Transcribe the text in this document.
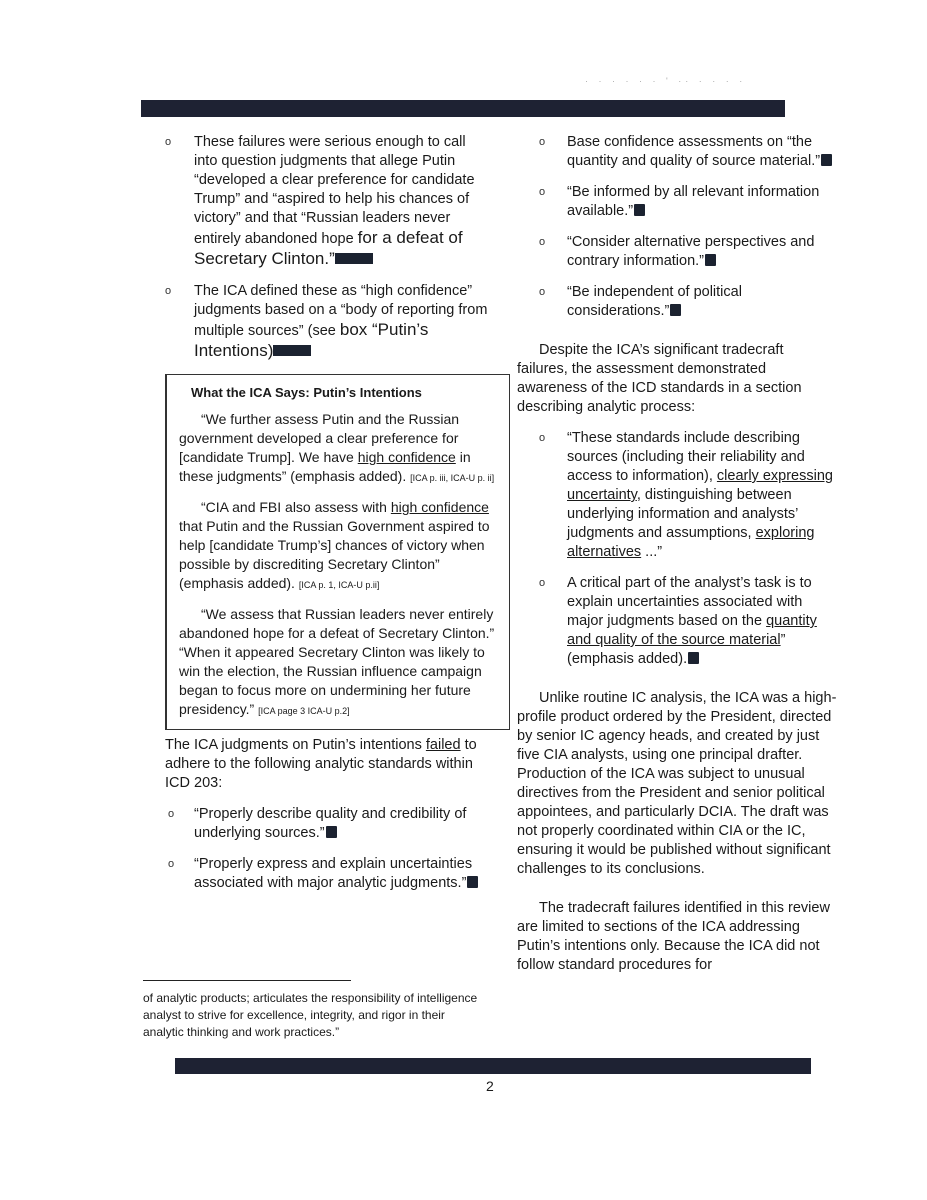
· · · · · · ' ·· · · · ·
o These failures were serious enough to call into question judgments that allege Putin “developed a clear preference for candidate Trump” and “aspired to help his chances of victory” and that “Russian leaders never entirely abandoned hope for a defeat of Secretary Clinton.”
o The ICA defined these as “high confidence” judgments based on a “body of reporting from multiple sources” (see box “Putin’s Intentions)
What the ICA Says: Putin’s Intentions
“We further assess Putin and the Russian government developed a clear preference for [candidate Trump]. We have high confidence in these judgments” (emphasis added). [ICA p. iii, ICA-U p. ii]
“CIA and FBI also assess with high confidence that Putin and the Russian Government aspired to help [candidate Trump’s] chances of victory when possible by discrediting Secretary Clinton” (emphasis added). [ICA p. 1, ICA-U p.ii]
“We assess that Russian leaders never entirely abandoned hope for a defeat of Secretary Clinton.” “When it appeared Secretary Clinton was likely to win the election, the Russian influence campaign began to focus more on undermining her future presidency.” [ICA page 3 ICA-U p.2]
The ICA judgments on Putin’s intentions failed to adhere to the following analytic standards within ICD 203:
o “Properly describe quality and credibility of underlying sources.”
o “Properly express and explain uncertainties associated with major analytic judgments.”
o Base confidence assessments on “the quantity and quality of source material.”
o “Be informed by all relevant information available.”
o “Consider alternative perspectives and contrary information.”
o “Be independent of political considerations.”
Despite the ICA’s significant tradecraft failures, the assessment demonstrated awareness of the ICD standards in a section describing analytic process:
o “These standards include describing sources (including their reliability and access to information), clearly expressing uncertainty, distinguishing between underlying information and analysts’ judgments and assumptions, exploring alternatives ...”
o A critical part of the analyst’s task is to explain uncertainties associated with major judgments based on the quantity and quality of the source material” (emphasis added).
Unlike routine IC analysis, the ICA was a high-profile product ordered by the President, directed by senior IC agency heads, and created by just five CIA analysts, using one principal drafter. Production of the ICA was subject to unusual directives from the President and senior political appointees, and particularly DCIA. The draft was not properly coordinated within CIA or the IC, ensuring it would be published without significant challenges to its conclusions.
The tradecraft failures identified in this review are limited to sections of the ICA addressing Putin’s intentions only. Because the ICA did not follow standard procedures for
of analytic products; articulates the responsibility of intelligence analyst to strive for excellence, integrity, and rigor in their analytic thinking and work practices.”
2
